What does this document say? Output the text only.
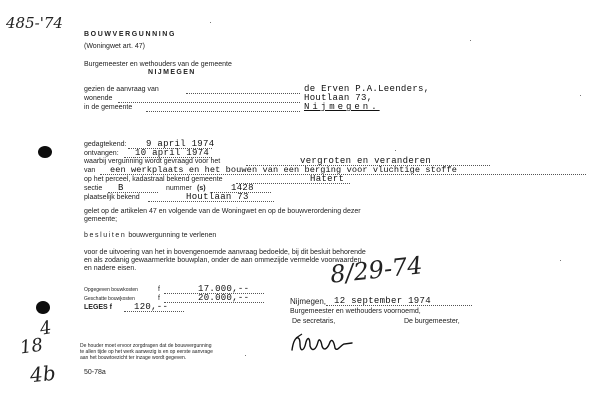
485-'74
BOUWVERGUNNING
(Woningwet art. 47)
Burgemeester en wethouders van de gemeente
NIJMEGEN
gezien de aanvraag van	de Erven P.A.Leenders,
wonende	Houtlaan 73,
in de gemeente	Nijmegen.
gedagtekend: 9 april 1974
ontvangen: 10 april 1974
waarbij vergunning wordt gevraagd voor het	vergroten en veranderen
van een werkplaats en het bouwen van een berging voor vluchtige stoffe
op het perceel, kadastraal bekend gemeente	Hatert
sectie B	nummer (s)	1428
plaatselijk bekend	Houtlaan 73
gelet op de artikelen 47 en volgende van de Woningwet en op de bouwverordening dezer
gemeente;
besluiten bouwvergunning te verlenen
voor de uitvoering van het in bovengenoemde aanvraag bedoelde, bij dit besluit behorende
en als zodanig gewaarmerkte bouwplan, onder de aan ommezijde vermelde voorwaarden
en nadere eisen.
Opgegeven bouwkosten	f	17.000,--
Geschatte bouwkosten	f	20.000,--
LEGES f 120,--
8/29-74
Nijmegen, 12 september 1974
Burgemeester en wethouders voornoemd,
De secretaris,	De burgemeester,
De houder moet ervoor zorgdragen dat de bouwvergunning
te allen tijde op het werk aanwezig is en op eerste aanvrage
aan het bouwtoezicht ter inzage wordt gegeven.
50-78a
4
18
4b
